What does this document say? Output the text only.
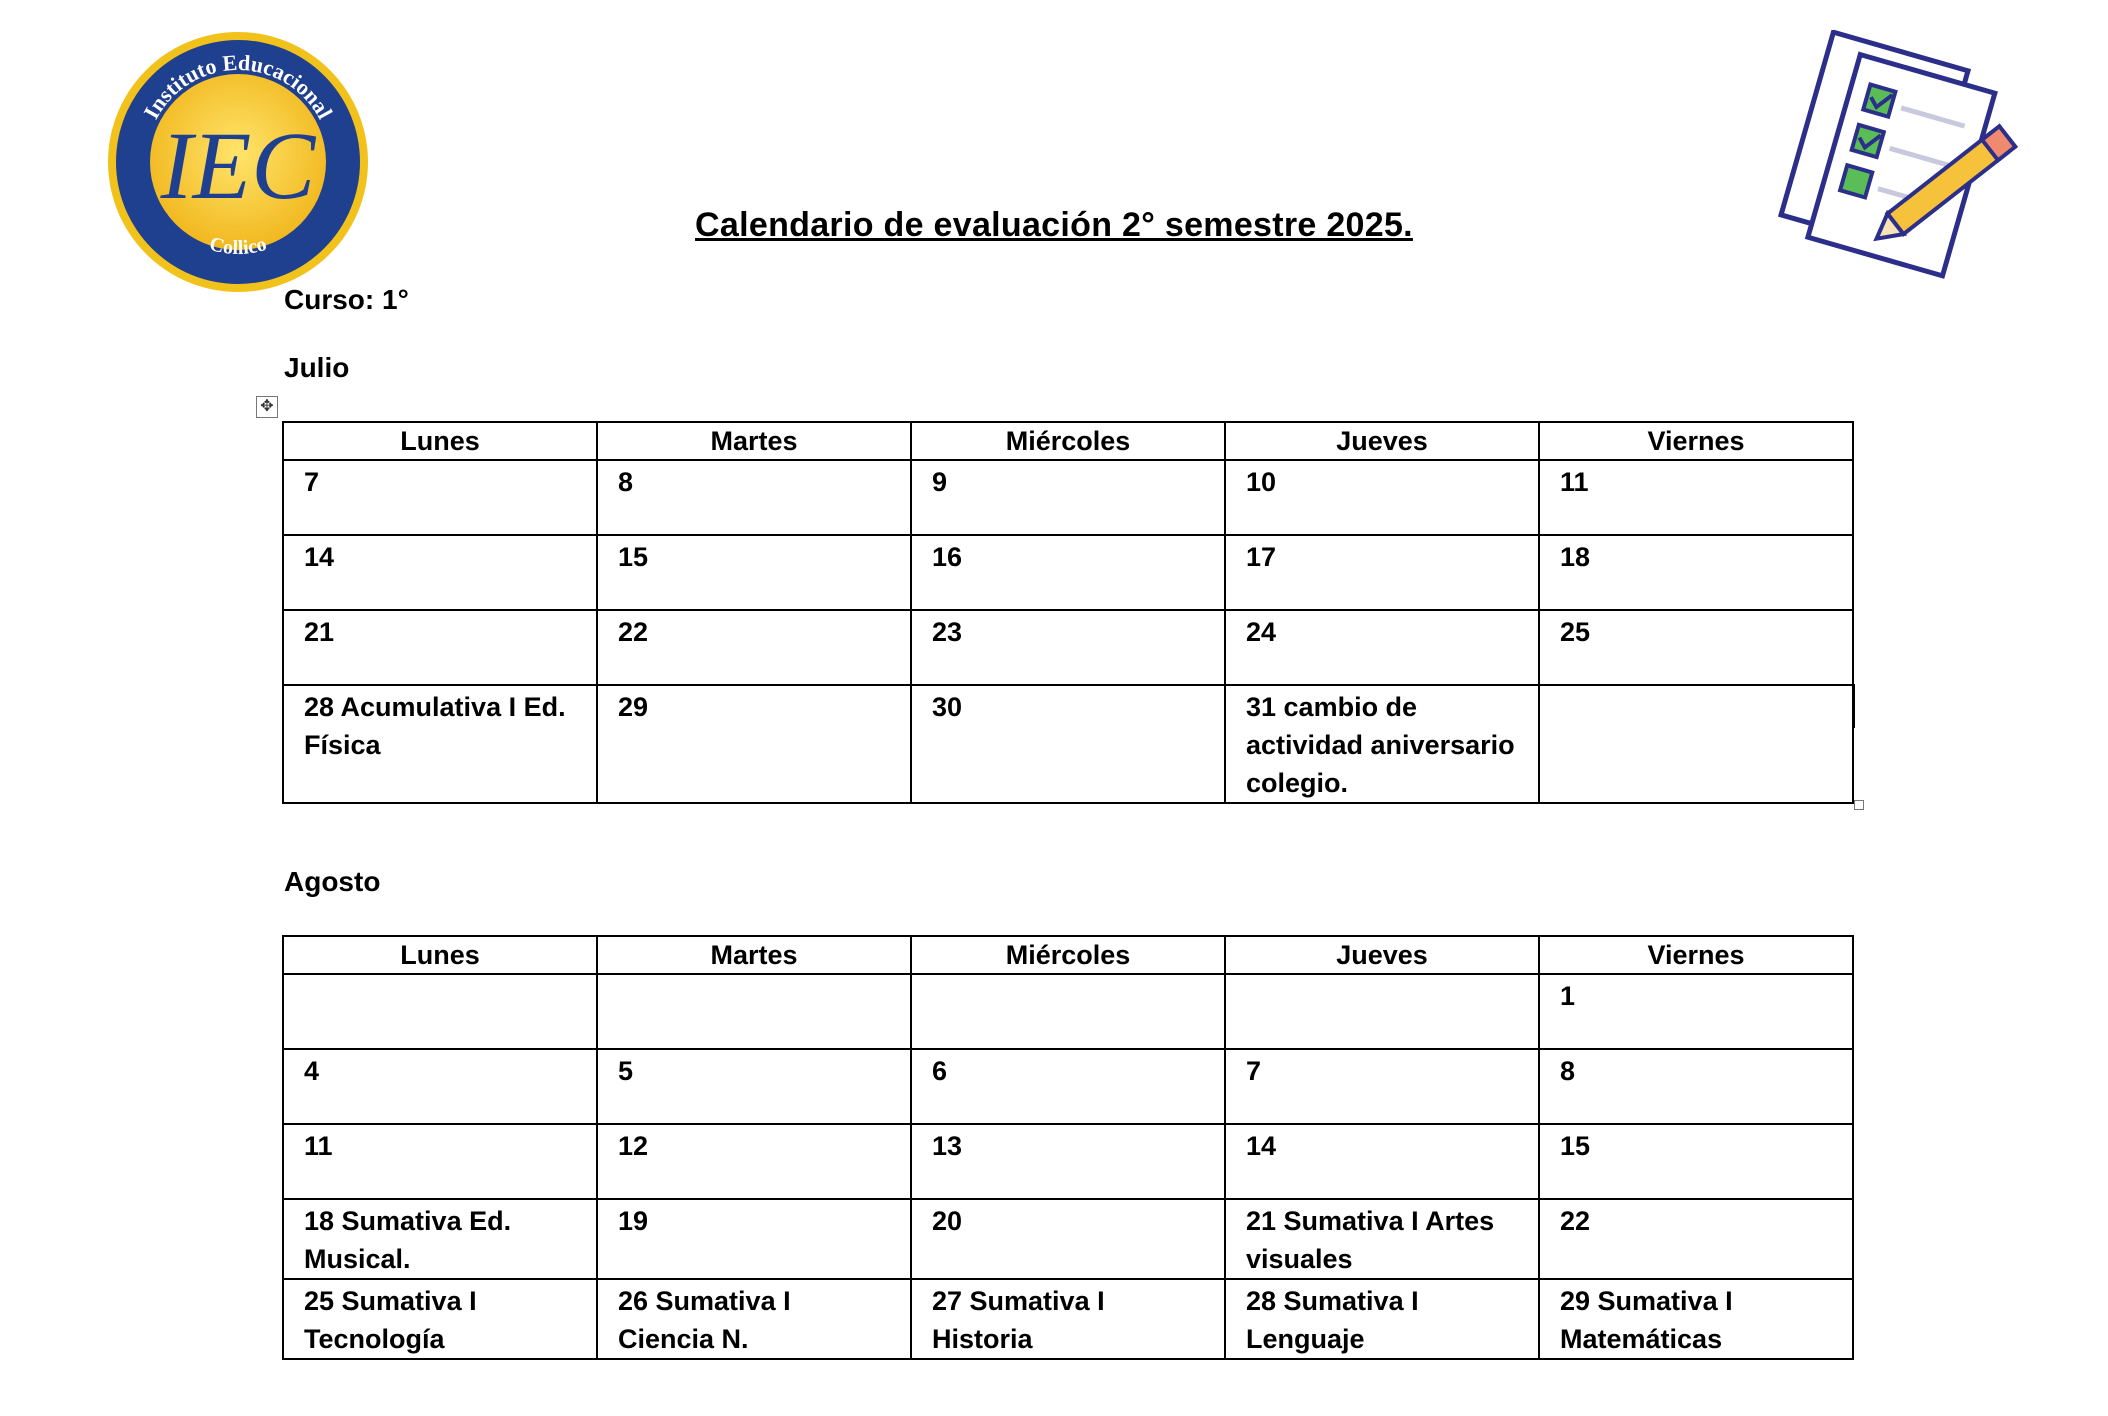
Instituto Educacional
Collico
IEC
Calendario de evaluación 2° semestre 2025.
Curso: 1°
Julio
✥
Lunes	Martes	Miércoles	Jueves	Viernes
7	8	9	10	11
14	15	16	17	18
21	22	23	24	25
28 Acumulativa I Ed. Física	29	30	31 cambio de actividad aniversario colegio.	
Agosto
Lunes	Martes	Miércoles	Jueves	Viernes
				1
4	5	6	7	8
11	12	13	14	15
18 Sumativa Ed. Musical.	19	20	21 Sumativa I Artes visuales	22
25 Sumativa I Tecnología	26 Sumativa I Ciencia N.	27 Sumativa I Historia	28 Sumativa I Lenguaje	29 Sumativa I Matemáticas
